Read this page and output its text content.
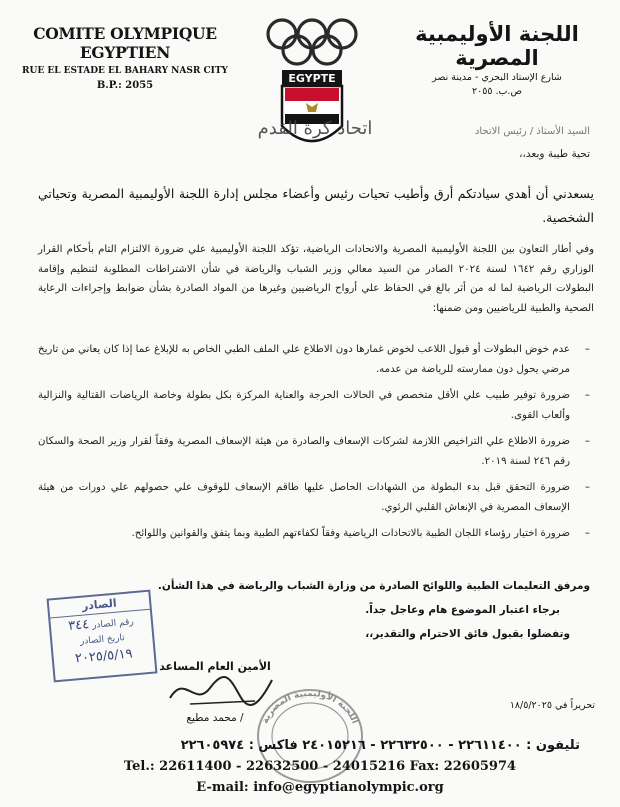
COMITE OLYMPIQUE EGYPTIEN
RUE EL ESTADE EL BAHARY NASR CITY
B.P.: 2055
EGYPTE
اللجنة الأوليمبية المصرية
شارع الإستاد البحري - مدينة نصر
ص.ب. ٢٠٥٥
السيد الأستاذ / رئيس الاتحاد
اتحاد كرة القدم
تحية طيبة وبعد،،
يسعدني أن أهدي سيادتكم أرق وأطيب تحيات رئيس وأعضاء مجلس إدارة اللجنة الأوليمبية المصرية وتحياتي الشخصية.
وفي أطار التعاون بين اللجنة الأوليمبية المصرية والاتحادات الرياضية، تؤكد اللجنة الأوليمبية علي ضرورة الالتزام التام بأحكام القرار الوزاري رقم ١٦٤٢ لسنة ٢٠٢٤ الصادر من السيد معالي وزير الشباب والرياضة في شأن الاشتراطات المطلوبة لتنظيم وإقامة البطولات الرياضية لما له من أثر بالغ في الحفاظ علي أرواح الرياضيين وغيرها من المواد الصادرة بشأن ضوابط وإجراءات الرعاية الصحية والطبية للرياضيين ومن ضمنها:
– عدم خوض البطولات أو قبول اللاعب لخوض غمارها دون الاطلاع علي الملف الطبي الخاص به للإبلاغ عما إذا كان يعاني من تاريخ مرضي يحول دون ممارسته للرياضة من عدمه.
– ضرورة توفير طبيب علي الأقل متخصص في الحالات الحرجة والعناية المركزة بكل بطولة وخاصة الرياضات القتالية والنزالية وألعاب القوى.
– ضرورة الاطلاع علي التراخيص اللازمة لشركات الإسعاف والصادرة من هيئة الإسعاف المصرية وفقاً لقرار وزير الصحة والسكان رقم ٢٤٦ لسنة ٢٠١٩.
– ضرورة التحقق قبل بدء البطولة من الشهادات الحاصل عليها طاقم الإسعاف للوقوف علي حصولهم علي دورات من هيئة الإسعاف المصرية في الإنعاش القلبي الرئوي.
– ضرورة اختيار رؤساء اللجان الطبية بالاتحادات الرياضية وفقاً لكفاءتهم الطبية وبما يتفق والقوانين واللوائح.
ومرفق التعليمات الطبية واللوائح الصادرة من وزارة الشباب والرياضة في هذا الشأن.
برجاء اعتبار الموضوع هام وعاجل جداً.
وتفضلوا بقبول فائق الاحترام والتقدير،،
الصادر
رقم الصادر ٣٤٤
تاريخ الصادر
٢٠٢٥/٥/١٩
الأمين العام المساعد
/ محمد مطيع	اللجنة الأوليمبية المصرية
تحريراً في ١٨/٥/٢٠٢٥
تليفون : ٢٢٦١١٤٠٠ - ٢٢٦٣٢٥٠٠ - ٢٤٠١٥٢١٦ فاكس : ٢٢٦٠٥٩٧٤
Tel.: 22611400 - 22632500 - 24015216 Fax: 22605974
E-mail: info@egyptianolympic.org
